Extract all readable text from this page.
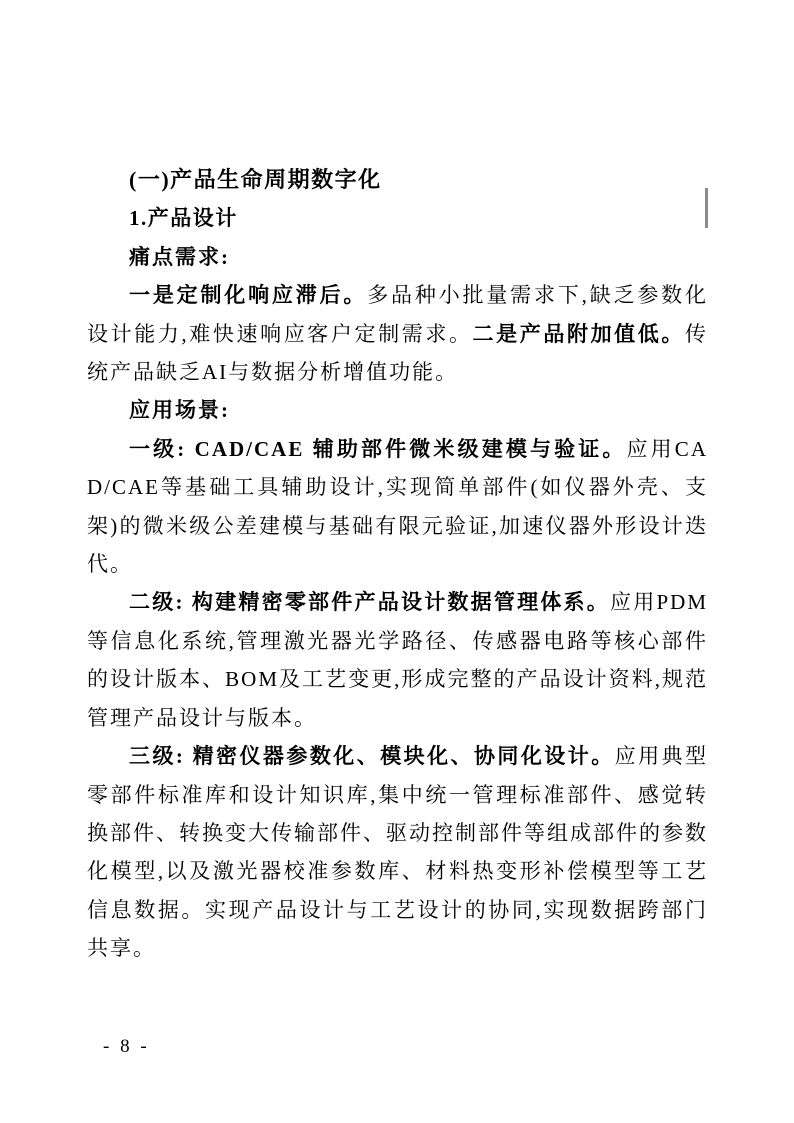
(一)产品生命周期数字化

1.产品设计

痛点需求:

一是定制化响应滞后。多品种小批量需求下,缺乏参数化设计能力,难快速响应客户定制需求。二是产品附加值低。传统产品缺乏AI与数据分析增值功能。

应用场景:

一级: CAD/CAE 辅助部件微米级建模与验证。应用CAD/CAE等基础工具辅助设计,实现简单部件(如仪器外壳、支架)的微米级公差建模与基础有限元验证,加速仪器外形设计迭代。

二级: 构建精密零部件产品设计数据管理体系。应用PDM等信息化系统,管理激光器光学路径、传感器电路等核心部件的设计版本、BOM及工艺变更,形成完整的产品设计资料,规范管理产品设计与版本。

三级: 精密仪器参数化、模块化、协同化设计。应用典型零部件标准库和设计知识库,集中统一管理标准部件、感觉转换部件、转换变大传输部件、驱动控制部件等组成部件的参数化模型,以及激光器校准参数库、材料热变形补偿模型等工艺信息数据。实现产品设计与工艺设计的协同,实现数据跨部门共享。

- 8 -
